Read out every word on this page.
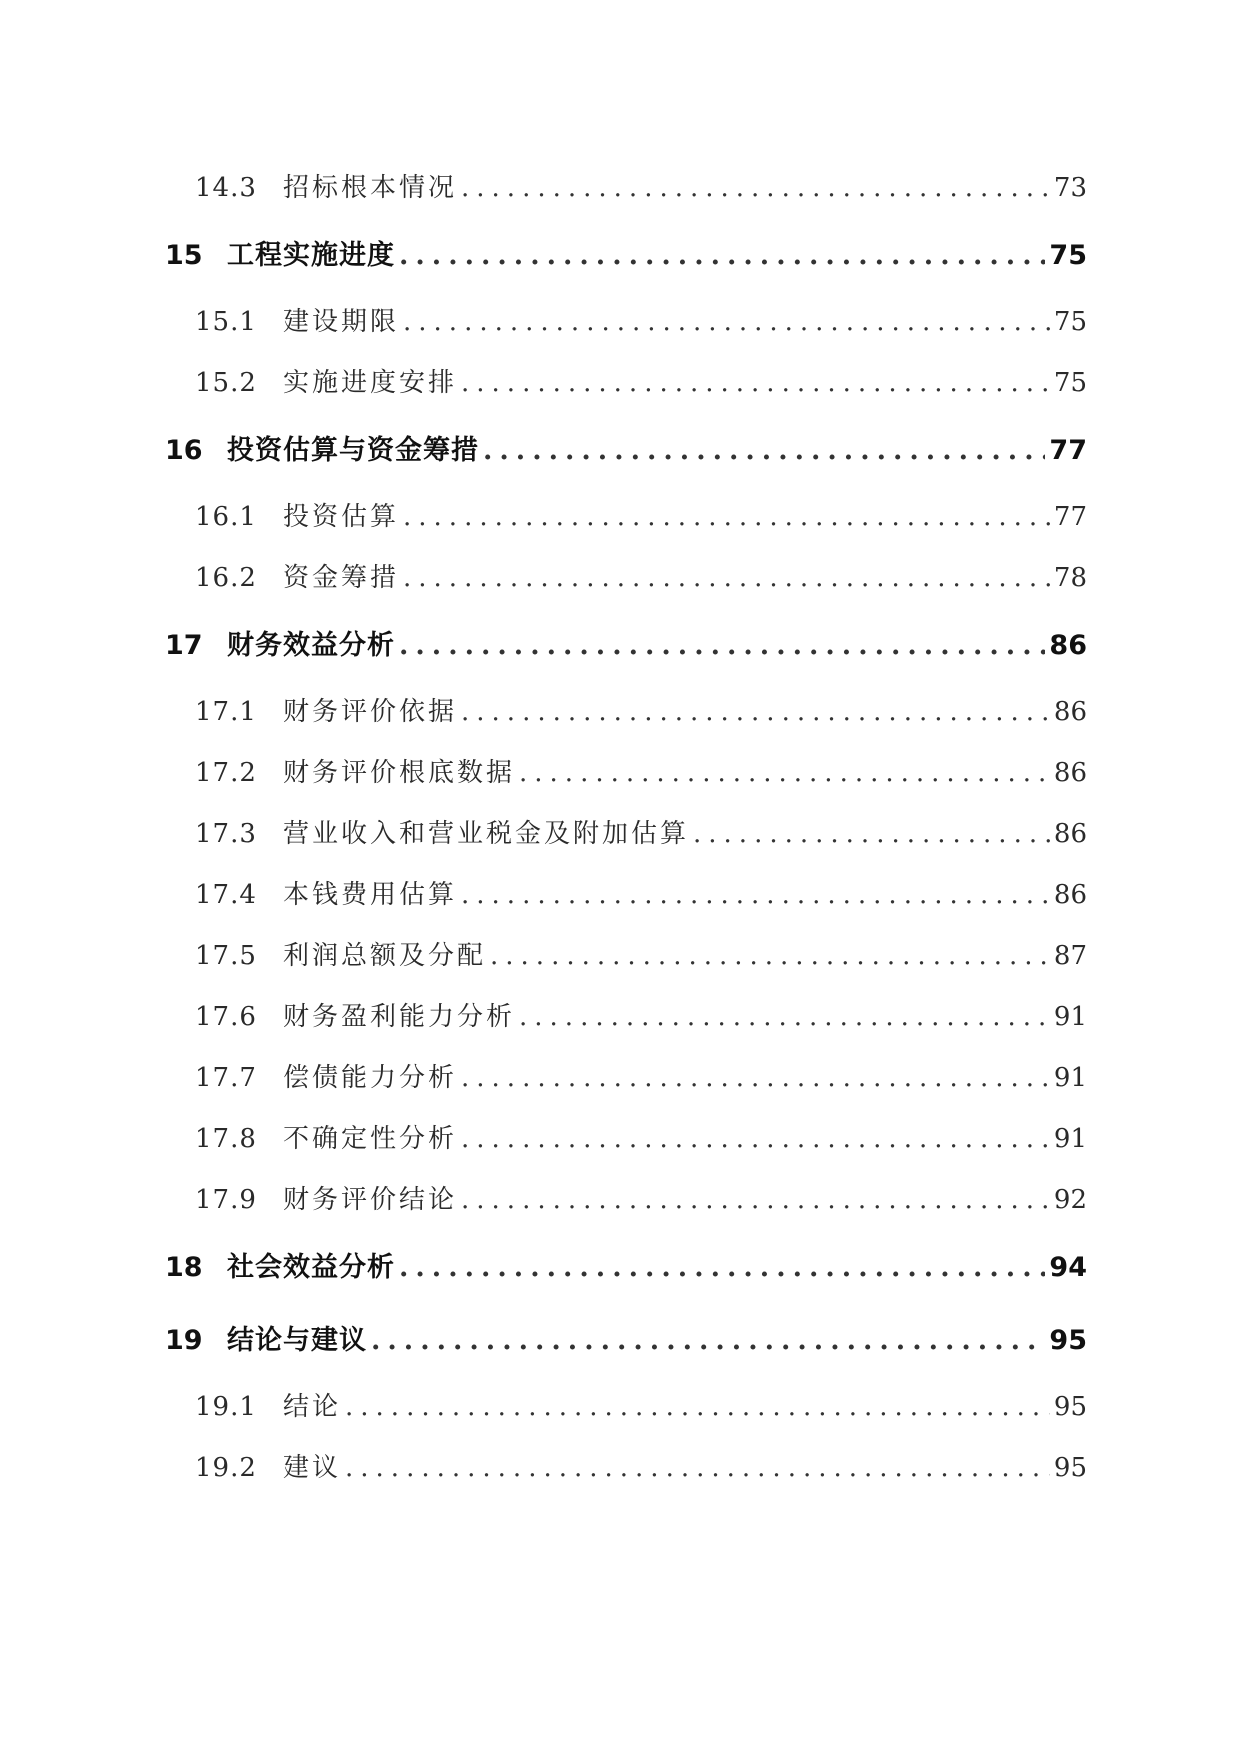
14.3	招标根本情况 .....	73
15 工程实施进度 .....	75
15.1	建设期限 .....	75
15.2	实施进度安排 .....	75
16 投资估算与资金筹措 .....	77
16.1	投资估算 .....	77
16.2	资金筹措 .....	78
17 财务效益分析 .....	86
17.1	财务评价依据 .....	86
17.2	财务评价根底数据 .....	86
17.3	营业收入和营业税金及附加估算 .....	86
17.4	本钱费用估算 .....	86
17.5	利润总额及分配 .....	87
17.6	财务盈利能力分析 .....	91
17.7	偿债能力分析 .....	91
17.8	不确定性分析 .....	91
17.9	财务评价结论 .....	92
18 社会效益分析 .....	94
19 结论与建议 .....	95
19.1	结论 .....	95
19.2	建议 .....	95
